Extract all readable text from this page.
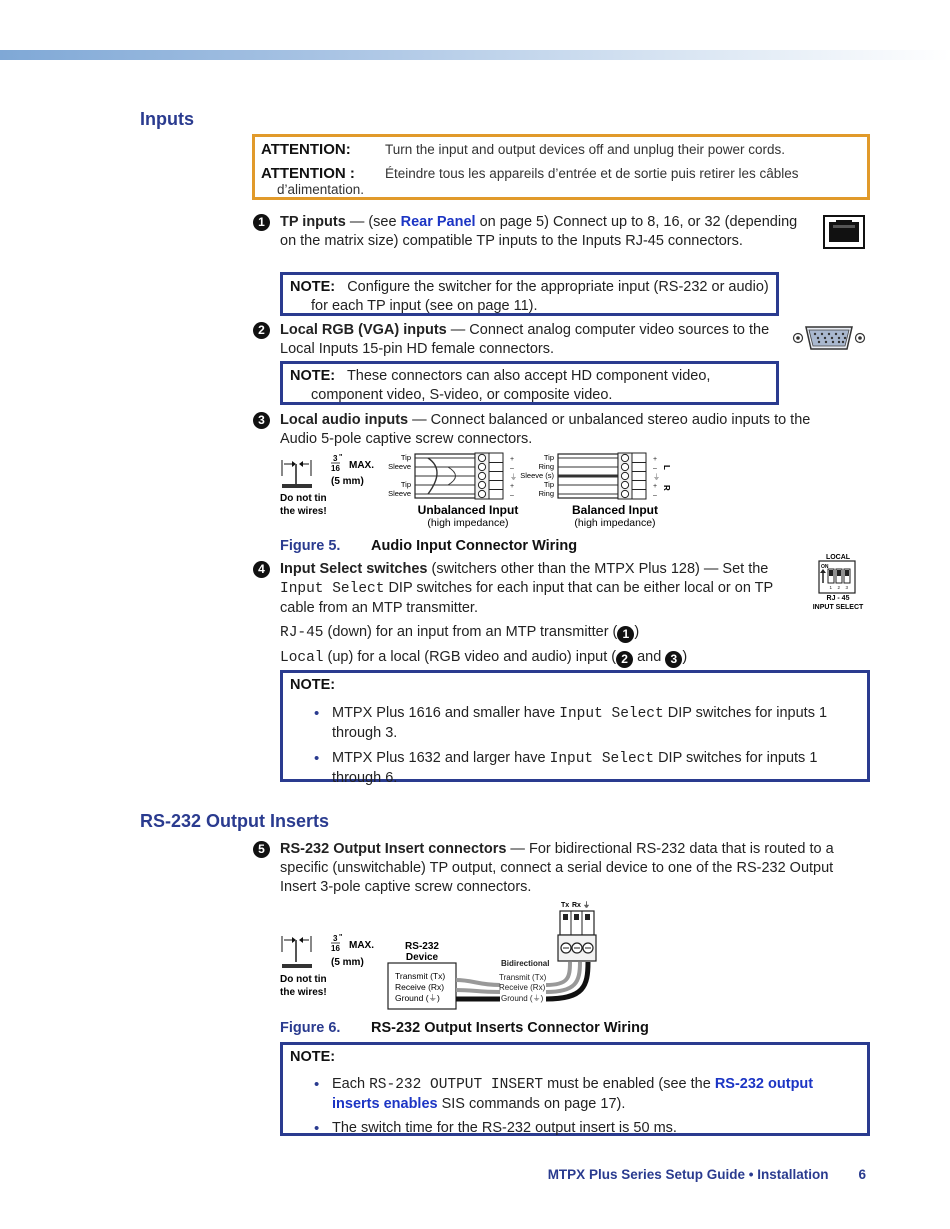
Inputs
ATTENTION:	Turn the input and output devices off and unplug their power cords.
ATTENTION : Éteindre tous les appareils d’entrée et de sortie puis retirer les câbles
d’alimentation.
1	TP inputs — (see Rear Panel on page 5) Connect up to 8, 16, or 32 (depending on the matrix size) compatible TP inputs to the Inputs RJ-45 connectors.
NOTE: Configure the switcher for the appropriate input (RS-232 or audio) for each TP input (see on page 11).
2	Local RGB (VGA) inputs — Connect analog computer video sources to the Local Inputs 15-pin HD female connectors.
NOTE: These connectors can also accept HD component video, component video, S-video, or composite video.
3	Local audio inputs — Connect balanced or unbalanced stereo audio inputs to the Audio 5-pole captive screw connectors.
3 "
16 MAX.
(5 mm)
Do not tin
the wires!
Tip
Sleeve
Tip
Sleeve
+
–
⏚
+
–
Unbalanced Input
(high impedance)
Tip
Ring
Sleeve (s)
Tip
Ring
+
–
⏚
+
–
L
R
Balanced Input
(high impedance)
Figure 5. Audio Input Connector Wiring
4	Input Select switches (switchers other than the MTPX Plus 128) — Set the Input Select DIP switches for each input that can be either local or on TP cable from an MTP transmitter.
LOCAL
ON
1 2 3
RJ - 45
INPUT SELECT
RJ-45 (down) for an input from an MTP transmitter ( 1 )
Local (up) for a local (RGB video and audio) input ( 2 and 3 )
NOTE:
• MTPX Plus 1616 and smaller have Input Select DIP switches for inputs 1 through 3.
• MTPX Plus 1632 and larger have Input Select DIP switches for inputs 1 through 6.
RS-232 Output Inserts
5	RS-232 Output Insert connectors — For bidirectional RS-232 data that is routed to a specific (unswitchable) TP output, connect a serial device to one of the RS-232 Output Insert 3-pole captive screw connectors.
3 "
16 MAX.
(5 mm)
Do not tin
the wires!
RS-232
Device
Transmit (Tx)
Receive (Rx)
Ground (⏚)
Bidirectional
Transmit (Tx)
Receive (Rx)
Ground (⏚)
Tx Rx ⏚
Figure 6. RS-232 Output Inserts Connector Wiring
NOTE:
• Each RS-232 OUTPUT INSERT must be enabled (see the RS-232 output inserts enables SIS commands on page 17).
• The switch time for the RS-232 output insert is 50 ms.
MTPX Plus Series Setup Guide • Installation 6
